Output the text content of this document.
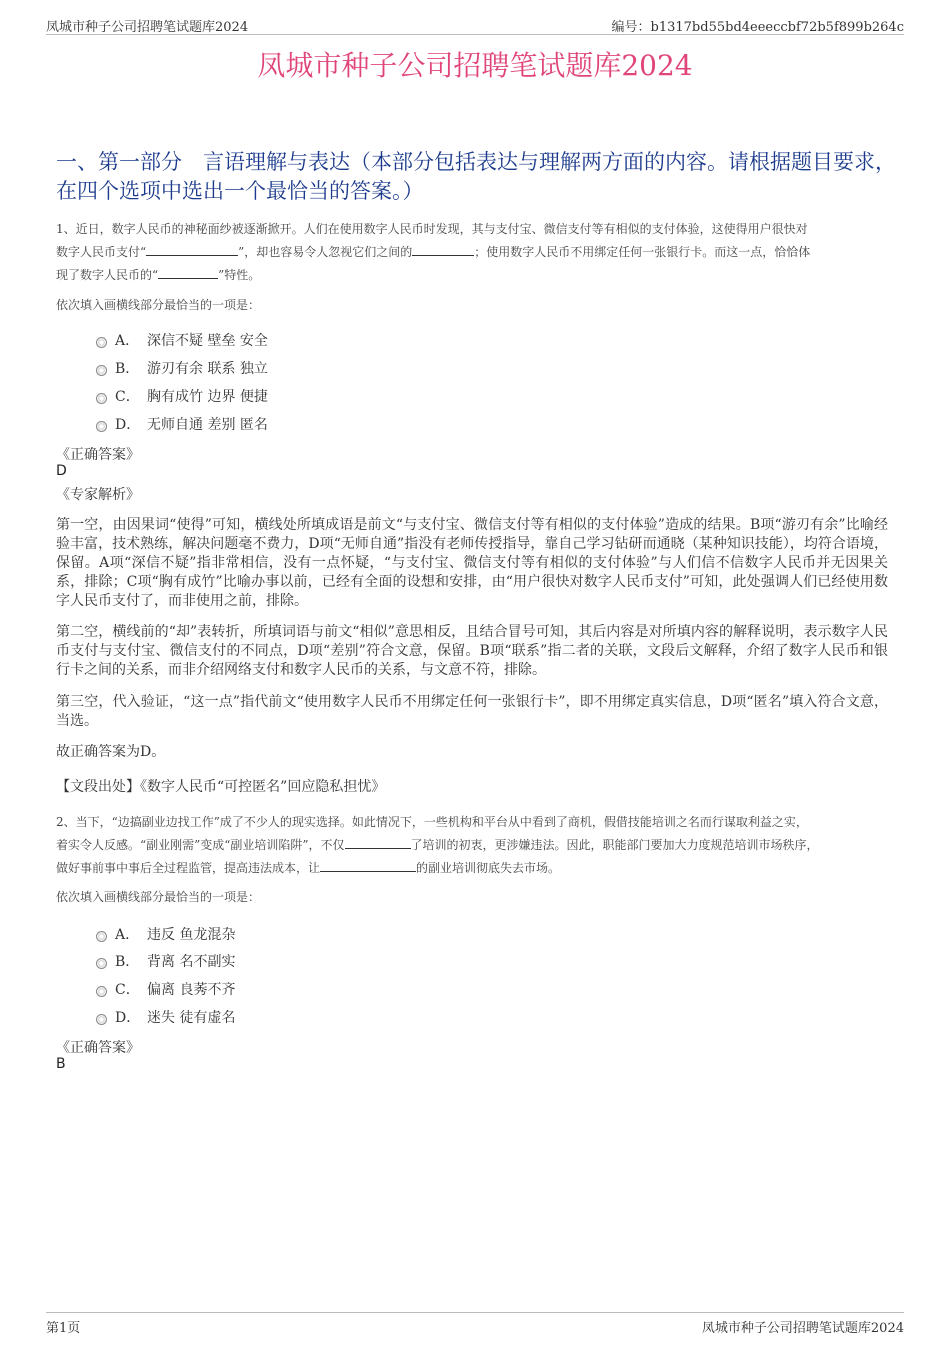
凤城市种子公司招聘笔试题库2024	编号：b1317bd55bd4eeeccbf72b5f899b264c
凤城市种子公司招聘笔试题库2024
一、第一部分　言语理解与表达（本部分包括表达与理解两方面的内容。请根据题目要求，在四个选项中选出一个最恰当的答案。）
1、近日，数字人民币的神秘面纱被逐渐掀开。人们在使用数字人民币时发现，其与支付宝、微信支付等有相似的支付体验，这使得用户很快对
数字人民币支付“	”，却也容易令人忽视它们之间的	；使用数字人民币不用绑定任何一张银行卡。而这一点，恰恰体
现了数字人民币的“	”特性。
依次填入画横线部分最恰当的一项是：
A． 深信不疑 壁垒 安全
B． 游刃有余 联系 独立
C． 胸有成竹 边界 便捷
D． 无师自通 差别 匿名
《正确答案》
D
《专家解析》
第一空，由因果词“使得”可知，横线处所填成语是前文“与支付宝、微信支付等有相似的支付体验”造成的结果。B项“游刃有余”比喻经验丰富，技术熟练，解决问题毫不费力，D项“无师自通”指没有老师传授指导，靠自己学习钻研而通晓（某种知识技能），均符合语境，保留。A项“深信不疑”指非常相信，没有一点怀疑，“与支付宝、微信支付等有相似的支付体验”与人们信不信数字人民币并无因果关系，排除；C项“胸有成竹”比喻办事以前，已经有全面的设想和安排，由“用户很快对数字人民币支付”可知，此处强调人们已经使用数字人民币支付了，而非使用之前，排除。
第二空，横线前的“却”表转折，所填词语与前文“相似”意思相反，且结合冒号可知，其后内容是对所填内容的解释说明，表示数字人民币支付与支付宝、微信支付的不同点，D项“差别”符合文意，保留。B项“联系”指二者的关联，文段后文解释，介绍了数字人民币和银行卡之间的关系，而非介绍网络支付和数字人民币的关系，与文意不符，排除。
第三空，代入验证，“这一点”指代前文“使用数字人民币不用绑定任何一张银行卡”，即不用绑定真实信息，D项“匿名”填入符合文意，当选。
故正确答案为D。
【文段出处】《数字人民币“可控匿名”回应隐私担忧》
2、当下，“边搞副业边找工作”成了不少人的现实选择。如此情况下，一些机构和平台从中看到了商机，假借技能培训之名而行谋取利益之实，
着实令人反感。“副业刚需”变成“副业培训陷阱”，不仅	了培训的初衷，更涉嫌违法。因此，职能部门要加大力度规范培训市场秩序，
做好事前事中事后全过程监管，提高违法成本，让	的副业培训彻底失去市场。
依次填入画横线部分最恰当的一项是：
A． 违反 鱼龙混杂
B． 背离 名不副实
C． 偏离 良莠不齐
D． 迷失 徒有虚名
《正确答案》
B
第1页	凤城市种子公司招聘笔试题库2024
